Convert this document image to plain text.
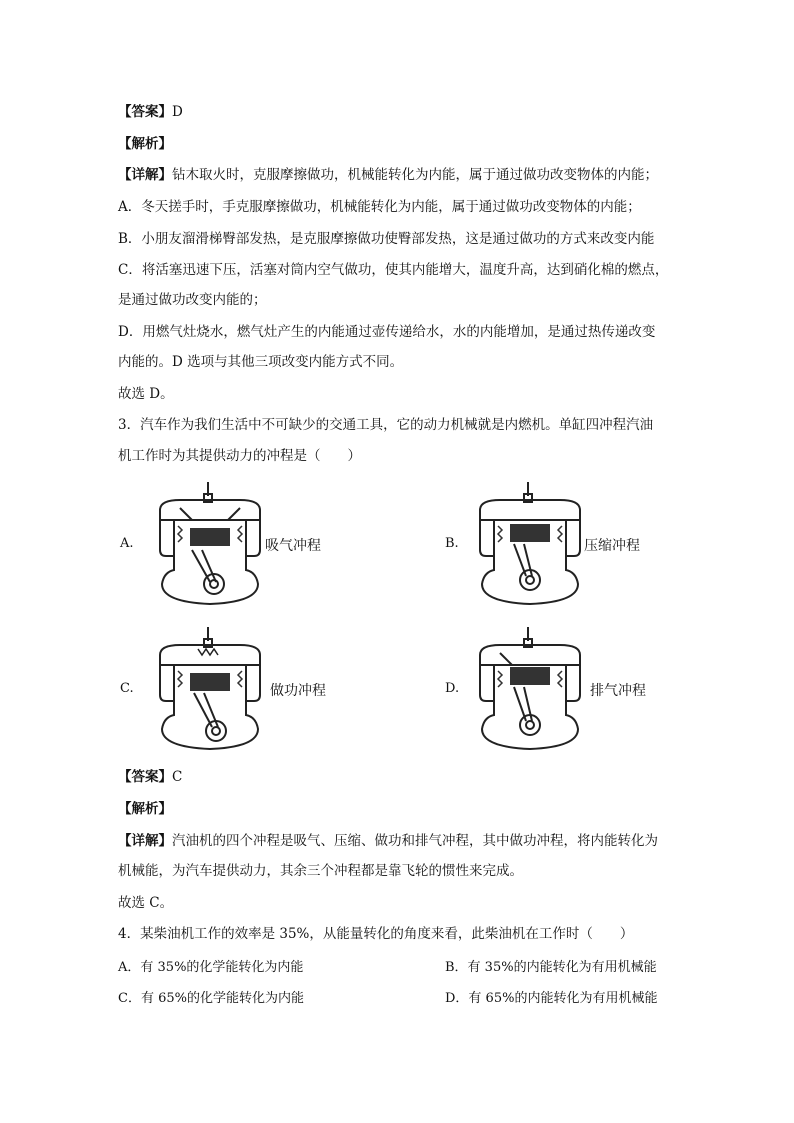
【答案】D
【解析】
【详解】钻木取火时，克服摩擦做功，机械能转化为内能，属于通过做功改变物体的内能；
A．冬天搓手时，手克服摩擦做功，机械能转化为内能，属于通过做功改变物体的内能；
B．小朋友溜滑梯臀部发热，是克服摩擦做功使臀部发热，这是通过做功的方式来改变内能
C．将活塞迅速下压，活塞对筒内空气做功，使其内能增大，温度升高，达到硝化棉的燃点，
是通过做功改变内能的；
D．用燃气灶烧水，燃气灶产生的内能通过壶传递给水，水的内能增加，是通过热传递改变
内能的。D 选项与其他三项改变内能方式不同。
故选 D。
3．汽车作为我们生活中不可缺少的交通工具，它的动力机械就是内燃机。单缸四冲程汽油
机工作时为其提供动力的冲程是（　　）
A.	吸气冲程	B.	压缩冲程
C.	做功冲程	D.	排气冲程
【答案】C
【解析】
【详解】汽油机的四个冲程是吸气、压缩、做功和排气冲程，其中做功冲程，将内能转化为
机械能，为汽车提供动力，其余三个冲程都是靠飞轮的惯性来完成。
故选 C。
4．某柴油机工作的效率是 35%，从能量转化的角度来看，此柴油机在工作时（　　）
A．有 35%的化学能转化为内能	B．有 35%的内能转化为有用机械能
C．有 65%的化学能转化为内能	D．有 65%的内能转化为有用机械能
